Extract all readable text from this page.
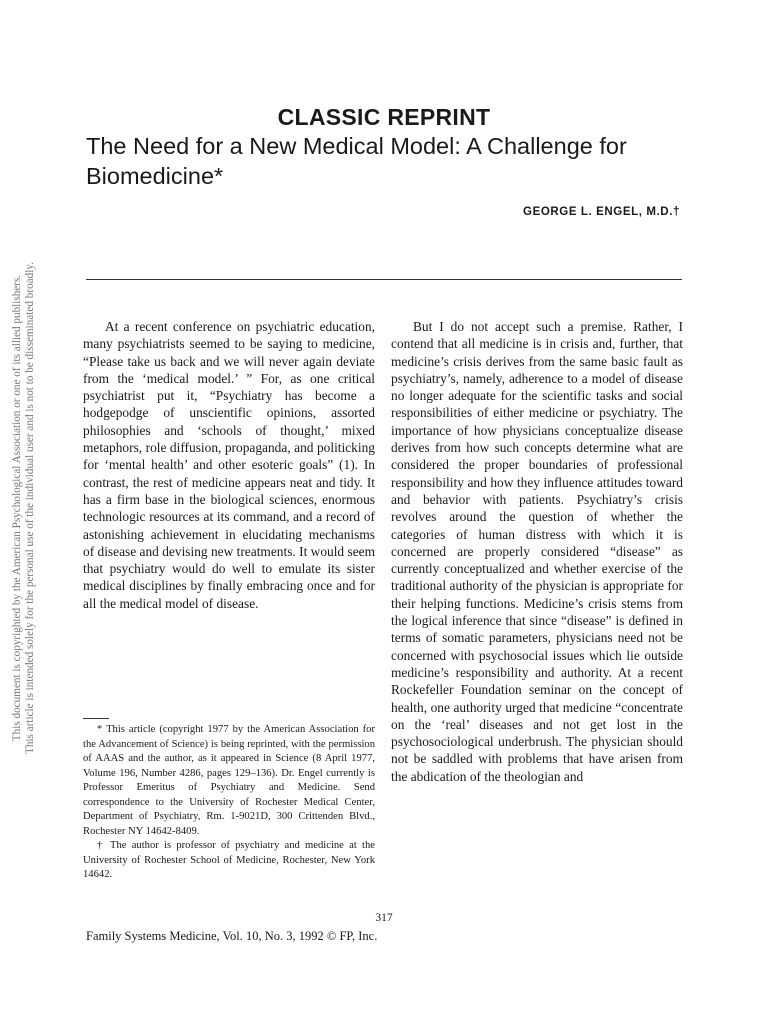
This document is copyrighted by the American Psychological Association or one of its allied publishers. This article is intended solely for the personal use of the individual user and is not to be disseminated broadly.
CLASSIC REPRINT
The Need for a New Medical Model: A Challenge for Biomedicine*
GEORGE L. ENGEL, M.D.†

At a recent conference on psychiatric education, many psychiatrists seemed to be saying to medicine, “Please take us back and we will never again deviate from the ‘medical model.’ ” For, as one critical psychiatrist put it, “Psychiatry has become a hodgepodge of unscientific opinions, assorted philosophies and ‘schools of thought,’ mixed metaphors, role diffusion, propaganda, and politicking for ‘mental health’ and other esoteric goals” (1). In contrast, the rest of medicine appears neat and tidy. It has a firm base in the biological sciences, enormous technologic resources at its command, and a record of astonishing achievement in elucidating mechanisms of disease and devising new treatments. It would seem that psychiatry would do well to emulate its sister medical disciplines by finally embracing once and for all the medical model of disease.

* This article (copyright 1977 by the American Association for the Advancement of Science) is being reprinted, with the permission of AAAS and the author, as it appeared in Science (8 April 1977, Volume 196, Number 4286, pages 129–136). Dr. Engel currently is Professor Emeritus of Psychiatry and Medicine. Send correspondence to the University of Rochester Medical Center, Department of Psychiatry, Rm. 1-9021D, 300 Crittenden Blvd., Rochester NY 14642-8409.

† The author is professor of psychiatry and medicine at the University of Rochester School of Medicine, Rochester, New York 14642.

But I do not accept such a premise. Rather, I contend that all medicine is in crisis and, further, that medicine’s crisis derives from the same basic fault as psychiatry’s, namely, adherence to a model of disease no longer adequate for the scientific tasks and social responsibilities of either medicine or psychiatry. The importance of how physicians conceptualize disease derives from how such concepts determine what are considered the proper boundaries of professional responsibility and how they influence attitudes toward and behavior with patients. Psychiatry’s crisis revolves around the question of whether the categories of human distress with which it is concerned are properly considered “disease” as currently conceptualized and whether exercise of the traditional authority of the physician is appropriate for their helping functions. Medicine’s crisis stems from the logical inference that since “disease” is defined in terms of somatic parameters, physicians need not be concerned with psychosocial issues which lie outside medicine’s responsibility and authority. At a recent Rockefeller Foundation seminar on the concept of health, one authority urged that medicine “concentrate on the ‘real’ diseases and not get lost in the psychosociological underbrush. The physician should not be saddled with problems that have arisen from the abdication of the theologian and

317
Family Systems Medicine, Vol. 10, No. 3, 1992 © FP, Inc.
